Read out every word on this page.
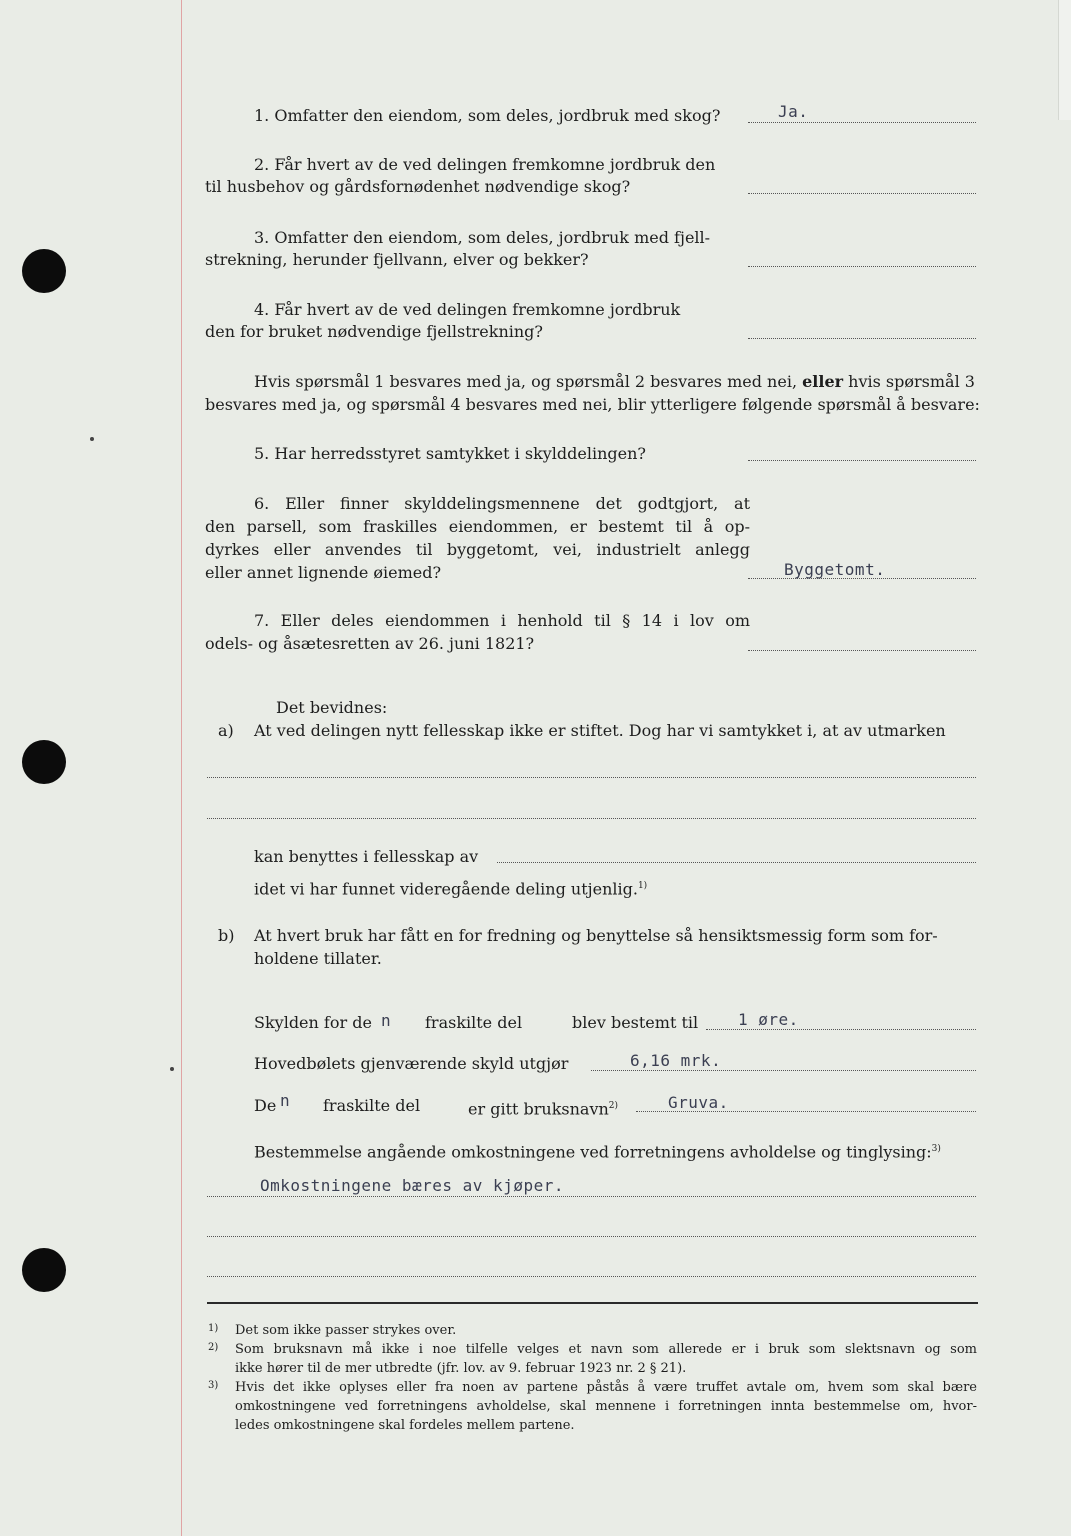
1. Omfatter den eiendom, som deles, jordbruk med skog?	Ja.
2. Får hvert av de ved delingen fremkomne jordbruk den
til husbehov og gårdsfornødenhet nødvendige skog?
3. Omfatter den eiendom, som deles, jordbruk med fjell-
strekning, herunder fjellvann, elver og bekker?
4. Får hvert av de ved delingen fremkomne jordbruk
den for bruket nødvendige fjellstrekning?
Hvis spørsmål 1 besvares med ja, og spørsmål 2 besvares med nei, eller hvis spørsmål 3
besvares med ja, og spørsmål 4 besvares med nei, blir ytterligere følgende spørsmål å besvare:
5. Har herredsstyret samtykket i skylddelingen?
6. Eller finner skylddelingsmennene det godtgjort, at
den parsell, som fraskilles eiendommen, er bestemt til å op-
dyrkes eller anvendes til byggetomt, vei, industrielt anlegg
eller annet lignende øiemed?	Byggetomt.
7. Eller deles eiendommen i henhold til § 14 i lov om
odels- og åsætesretten av 26. juni 1821?
Det bevidnes:
a) At ved delingen nytt fellesskap ikke er stiftet. Dog har vi samtykket i, at av utmarken
kan benyttes i fellesskap av
idet vi har funnet videregående deling utjenlig.$^{1)}$
b) At hvert bruk har fått en for fredning og benyttelse så hensiktsmessig form som for-
holdene tillater.
Skylden for de n fraskilte del	blev bestemt til 1 øre.
Hovedbølets gjenværende skyld utgjør	6,16 mrk.
De n fraskilte del	er gitt bruksnavn$^{2)}$	Gruva.
Bestemmelse angående omkostningene ved forretningens avholdelse og tinglysing:$^{3)}$
Omkostningene bæres av kjøper.
1) Det som ikke passer strykes over.
2) Som bruksnavn må ikke i noe tilfelle velges et navn som allerede er i bruk som slektsnavn og som
ikke hører til de mer utbredte (jfr. lov. av 9. februar 1923 nr. 2 § 21).
3) Hvis det ikke oplyses eller fra noen av partene påstås å være truffet avtale om, hvem som skal bære
omkostningene ved forretningens avholdelse, skal mennene i forretningen innta bestemmelse om, hvor-
ledes omkostningene skal fordeles mellem partene.
